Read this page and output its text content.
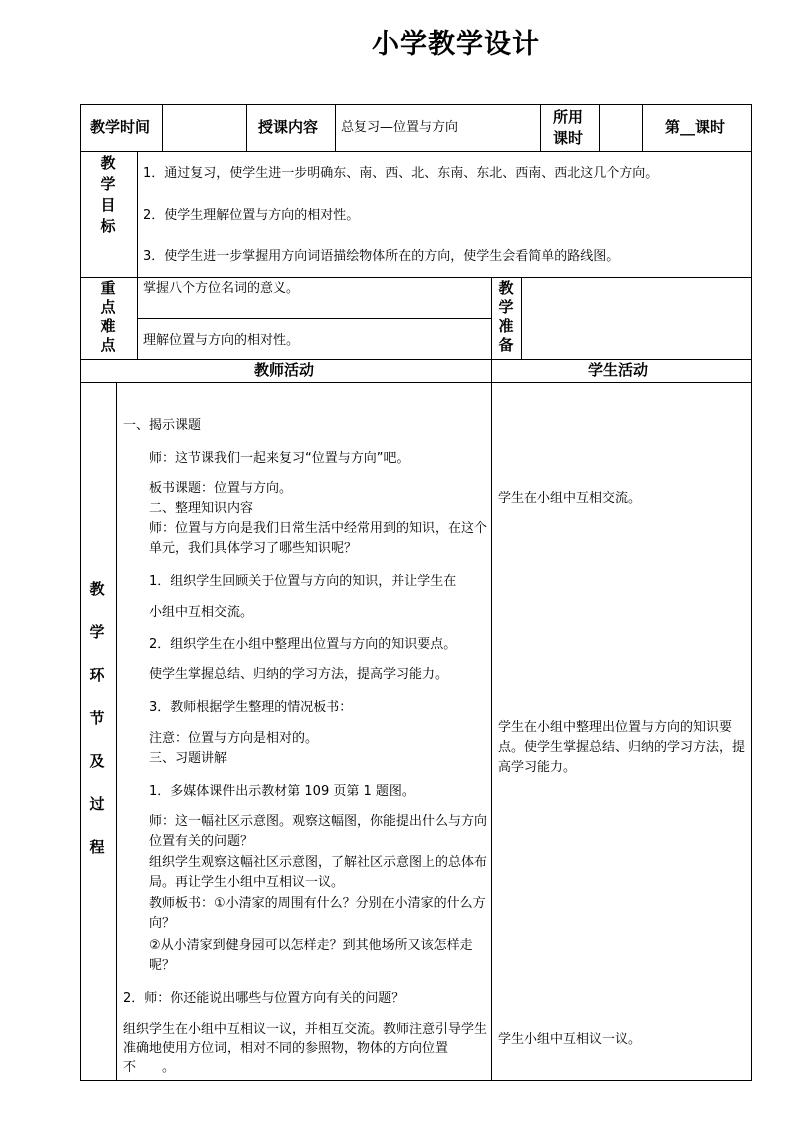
小学教学设计
教学时间	授课内容 总复习—位置与方向
所用
课时
第__课时
教
学
目
标
1．通过复习，使学生进一步明确东、南、西、北、东南、东北、西南、西北这几个方向。
2．使学生理解位置与方向的相对性。
3．使学生进一步掌握用方向词语描绘物体所在的方向，使学生会看简单的路线图。
重
点
难
点
掌握八个方位名词的意义。
理解位置与方向的相对性。
教
学
准
备
教师活动	学生活动
教
学
环
节
及
过
程
一、揭示课题
师：这节课我们一起来复习“位置与方向”吧。
板书课题：位置与方向。
二、整理知识内容
师：位置与方向是我们日常生活中经常用到的知识，在这个单元，我们具体学习了哪些知识呢？
1．组织学生回顾关于位置与方向的知识，并让学生在
小组中互相交流。
2．组织学生在小组中整理出位置与方向的知识要点。
使学生掌握总结、归纳的学习方法，提高学习能力。
3．教师根据学生整理的情况板书：
注意：位置与方向是相对的。
三、习题讲解
1．多媒体课件出示教材第 109 页第 1 题图。
师：这一幅社区示意图。观察这幅图，你能提出什么与方向位置有关的问题？
组织学生观察这幅社区示意图，了解社区示意图上的总体布局。再让学生小组中互相议一议。
教师板书：①小清家的周围有什么？分别在小清家的什么方向？
②从小清家到健身园可以怎样走？到其他场所又该怎样走呢？
2．师：你还能说出哪些与位置方向有关的问题？
组织学生在小组中互相议一议，并相互交流。教师注意引导学生准确地使用方位词，相对不同的参照物，物体的方向位置不　　。
学生在小组中互相交流。
学生在小组中整理出位置与方向的知识要点。使学生掌握总结、归纳的学习方法，提高学习能力。
学生小组中互相议一议。
